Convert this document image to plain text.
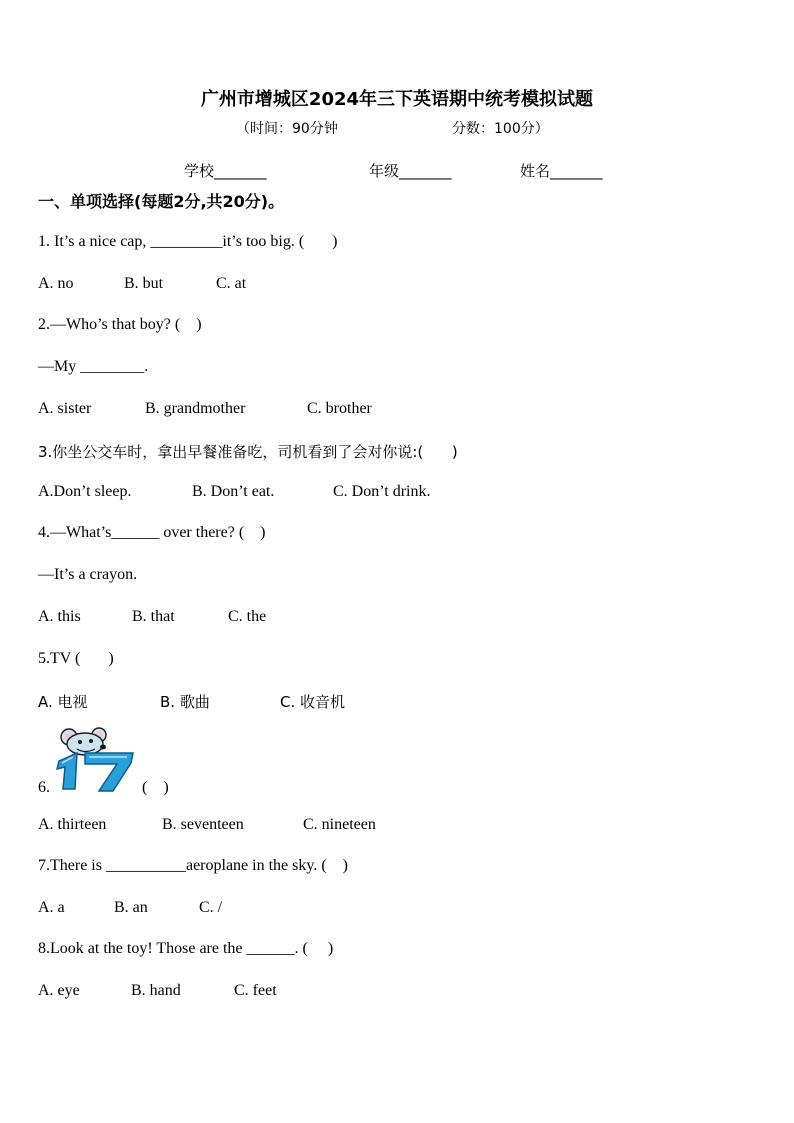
广州市增城区2024年三下英语期中统考模拟试题
（时间：90分钟	分数：100分）
学校_______	年级_______	姓名_______
一、单项选择(每题2分,共20分)。
1. It’s a nice cap, _________it’s too big. (       )
A. no	B. but	C. at
2.—Who’s that boy? (    )
—My ________.
A. sister	B. grandmother	C. brother
3.你坐公交车时，拿出早餐准备吃，司机看到了会对你说:(      )
A.Don’t sleep.	B. Don’t eat.	C. Don’t drink.
4.—What’s______ over there? (    )
—It’s a crayon.
A. this	B. that	C. the
5.TV (       )
A. 电视	B. 歌曲	C. 收音机
6.	(    )
A. thirteen	B. seventeen	C. nineteen
7.There is __________aeroplane in the sky. (    )
A. a	B. an	C. /
8.Look at the toy! Those are the ______. (     )
A. eye	B. hand	C. feet
